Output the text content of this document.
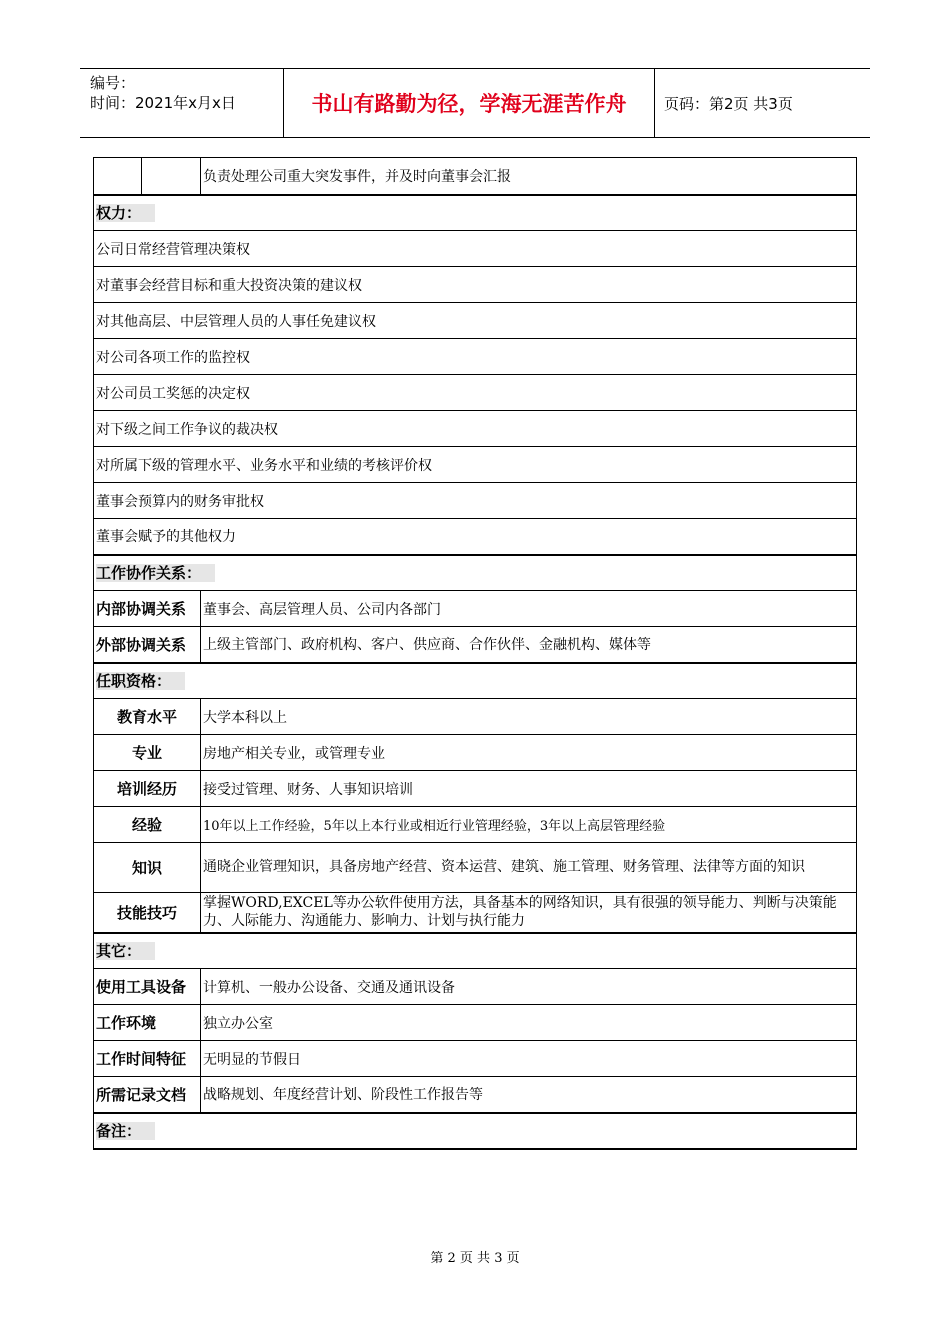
编号：
时间：2021年x月x日	书山有路勤为径，学海无涯苦作舟	页码：第2页 共3页
		负责处理公司重大突发事件，并及时向董事会汇报
权力：		
公司日常经营管理决策权		
对董事会经营目标和重大投资决策的建议权		
对其他高层、中层管理人员的人事任免建议权		
对公司各项工作的监控权		
对公司员工奖惩的决定权		
对下级之间工作争议的裁决权		
对所属下级的管理水平、业务水平和业绩的考核评价权		
董事会预算内的财务审批权		
董事会赋予的其他权力		
工作协作关系：		
内部协调关系		董事会、高层管理人员、公司内各部门
外部协调关系		上级主管部门、政府机构、客户、供应商、合作伙伴、金融机构、媒体等
任职资格：		
教育水平		大学本科以上
专业		房地产相关专业，或管理专业
培训经历		接受过管理、财务、人事知识培训
经验		10年以上工作经验，5年以上本行业或相近行业管理经验，3年以上高层管理经验
知识		通晓企业管理知识，具备房地产经营、资本运营、建筑、施工管理、财务管理、法律等方面的知识
技能技巧		掌握WORD,EXCEL等办公软件使用方法，具备基本的网络知识，具有很强的领导能力、判断与决策能力、人际能力、沟通能力、影响力、计划与执行能力
其它：		
使用工具设备		计算机、一般办公设备、交通及通讯设备
工作环境		独立办公室
工作时间特征		无明显的节假日
所需记录文档		战略规划、年度经营计划、阶段性工作报告等
备注：		
第 2 页 共 3 页
